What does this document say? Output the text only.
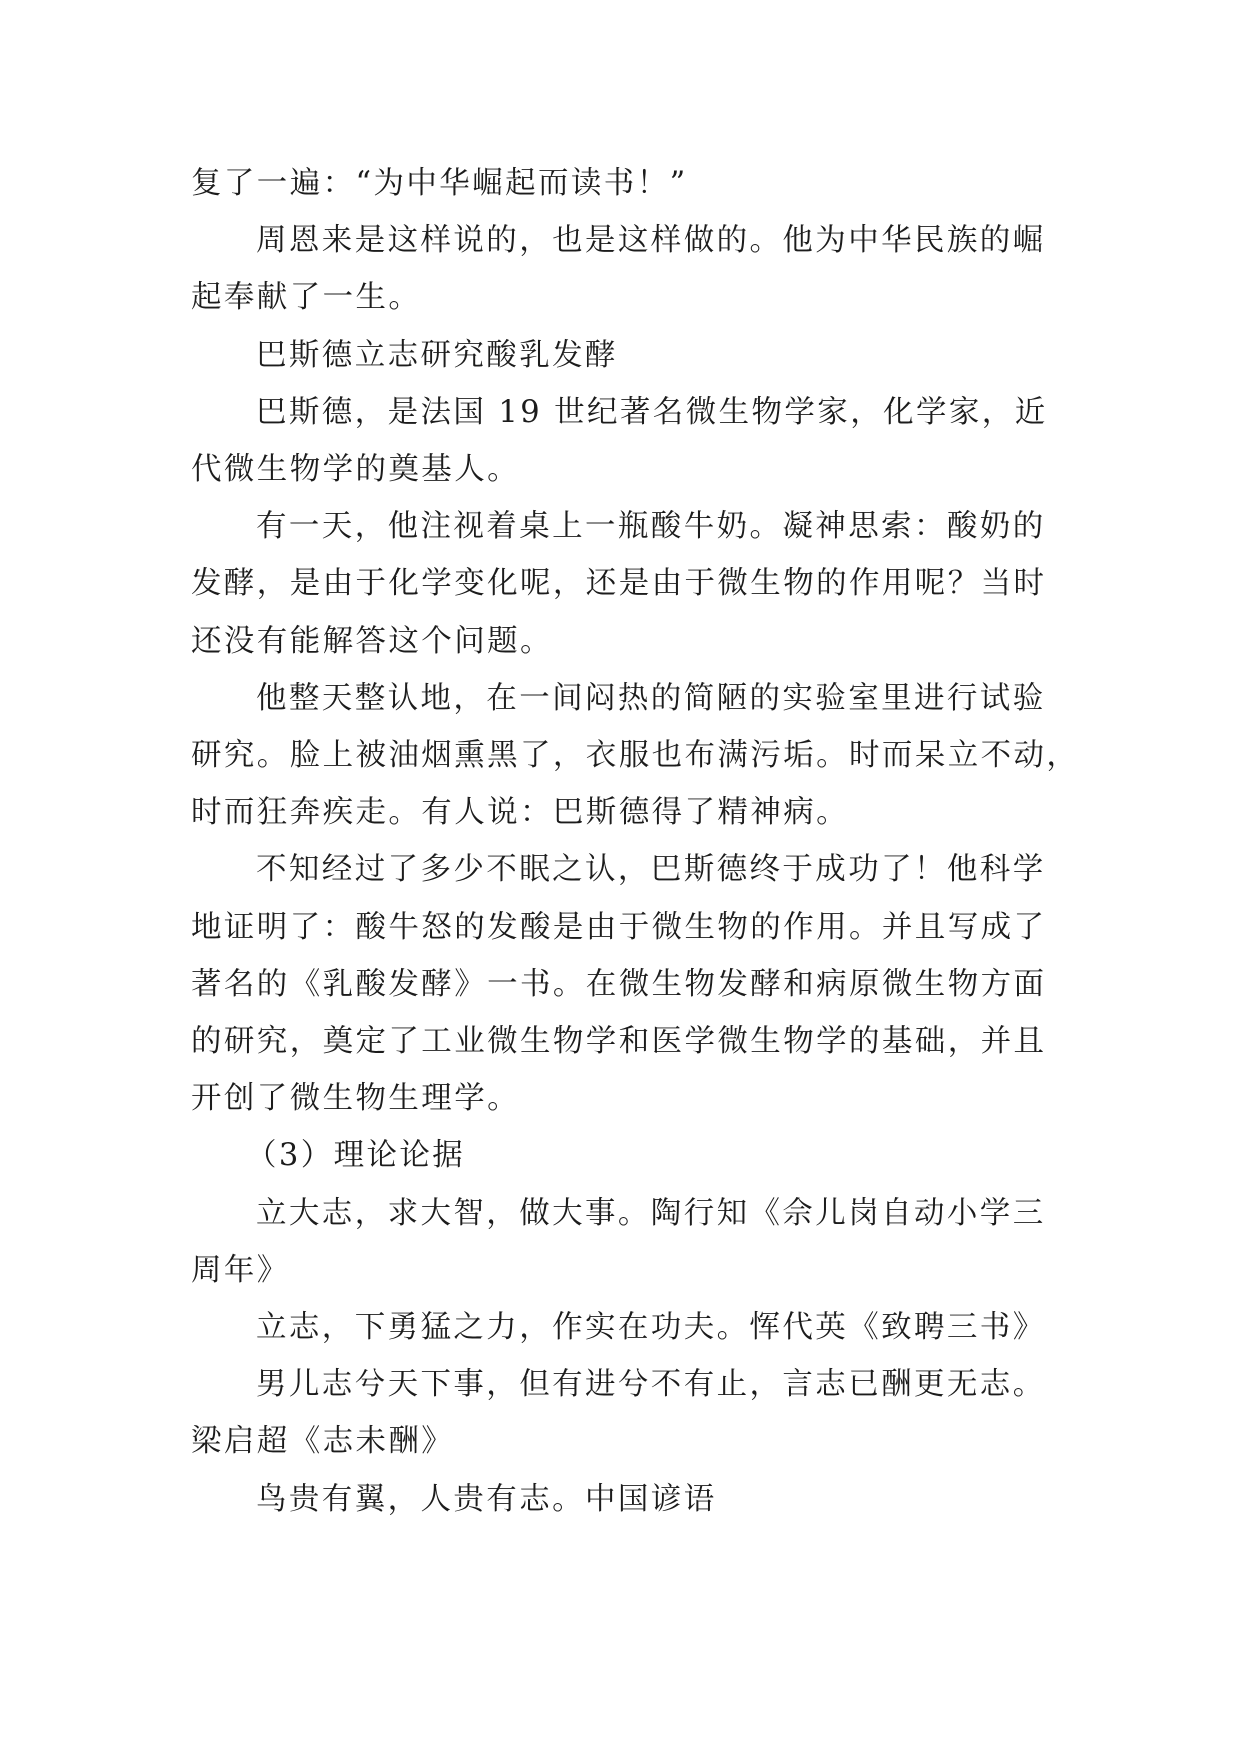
复了一遍：“为中华崛起而读书！”

周恩来是这样说的，也是这样做的。他为中华民族的崛

起奉献了一生。

巴斯德立志研究酸乳发酵

巴斯德，是法国 19 世纪著名微生物学家，化学家，近

代微生物学的奠基人。

有一天，他注视着桌上一瓶酸牛奶。凝神思索：酸奶的

发酵，是由于化学变化呢，还是由于微生物的作用呢？当时

还没有能解答这个问题。

他整天整认地，在一间闷热的简陋的实验室里进行试验

研究。脸上被油烟熏黑了，衣服也布满污垢。时而呆立不动，

时而狂奔疾走。有人说：巴斯德得了精神病。

不知经过了多少不眠之认，巴斯德终于成功了！他科学

地证明了：酸牛怒的发酸是由于微生物的作用。并且写成了

著名的《乳酸发酵》一书。在微生物发酵和病原微生物方面

的研究，奠定了工业微生物学和医学微生物学的基础，并且

开创了微生物生理学。

（3）理论论据

立大志，求大智，做大事。陶行知《佘儿岗自动小学三

周年》

立志，下勇猛之力，作实在功夫。恽代英《致聘三书》

男儿志兮天下事，但有进兮不有止，言志已酬更无志。

梁启超《志未酬》

鸟贵有翼，人贵有志。中国谚语
